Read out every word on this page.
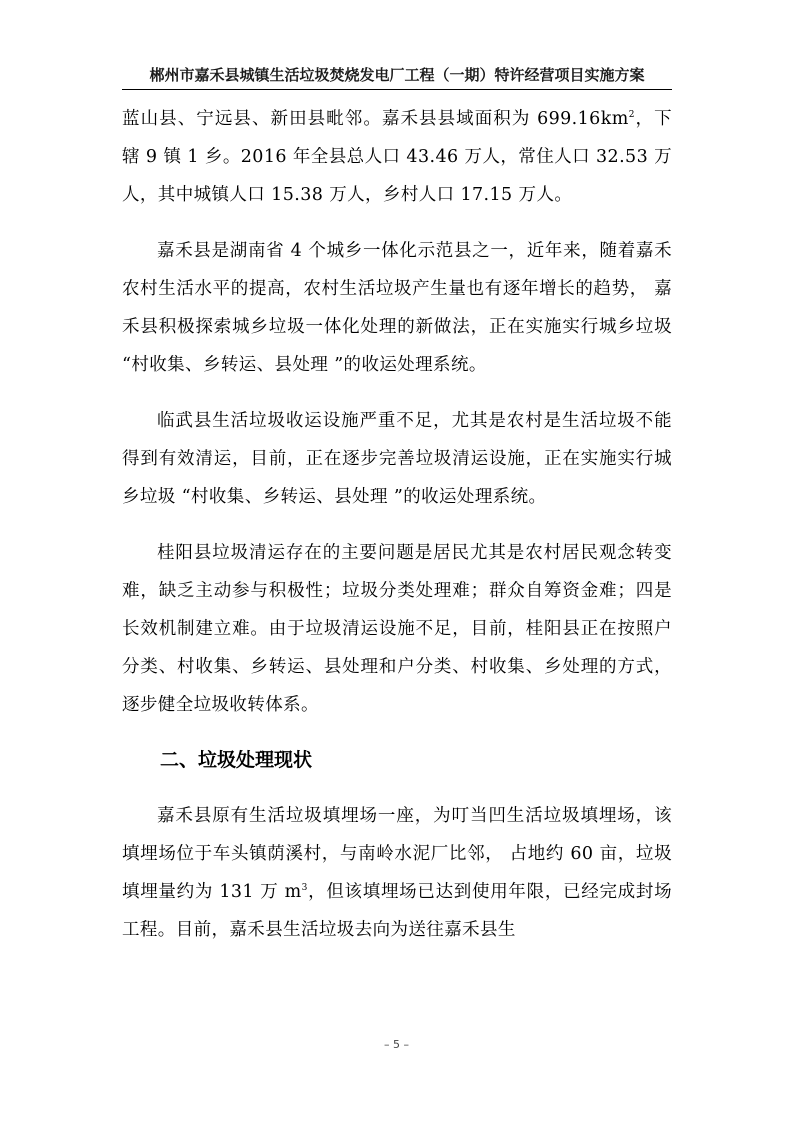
郴州市嘉禾县城镇生活垃圾焚烧发电厂工程（一期）特许经营项目实施方案

蓝山县、宁远县、新田县毗邻。嘉禾县县域面积为 $699.16km^2$，下辖 9 镇 1 乡。2016 年全县总人口 43.46 万人，常住人口 32.53 万人，其中城镇人口 15.38 万人，乡村人口 17.15 万人。

嘉禾县是湖南省 4 个城乡一体化示范县之一，近年来，随着嘉禾农村生活水平的提高，农村生活垃圾产生量也有逐年增长的趋势， 嘉禾县积极探索城乡垃圾一体化处理的新做法，正在实施实行城乡垃圾 “村收集、乡转运、县处理 ”的收运处理系统。

临武县生活垃圾收运设施严重不足，尤其是农村是生活垃圾不能得到有效清运，目前，正在逐步完善垃圾清运设施，正在实施实行城乡垃圾 “村收集、乡转运、县处理 ”的收运处理系统。

桂阳县垃圾清运存在的主要问题是居民尤其是农村居民观念转变难，缺乏主动参与积极性；垃圾分类处理难；群众自筹资金难；四是长效机制建立难。由于垃圾清运设施不足，目前，桂阳县正在按照户分类、村收集、乡转运、县处理和户分类、村收集、乡处理的方式，逐步健全垃圾收转体系。

二、垃圾处理现状

嘉禾县原有生活垃圾填埋场一座，为叮当凹生活垃圾填埋场，该填埋场位于车头镇荫溪村，与南岭水泥厂比邻， 占地约 60 亩，垃圾填埋量约为 131 万 $m^3$，但该填埋场已达到使用年限，已经完成封场工程。目前，嘉禾县生活垃圾去向为送往嘉禾县生

– 5 –
